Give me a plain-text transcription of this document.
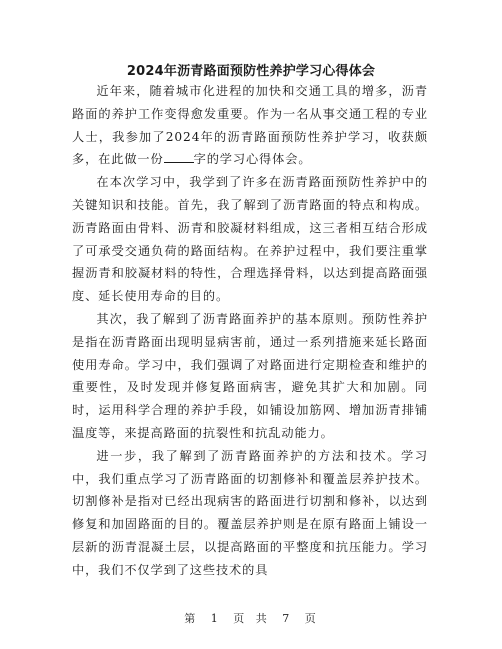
2024年沥青路面预防性养护学习心得体会

近年来，随着城市化进程的加快和交通工具的增多，沥青路面的养护工作变得愈发重要。作为一名从事交通工程的专业人士，我参加了2024年的沥青路面预防性养护学习，收获颇多，在此做一份 字的学习心得体会。

在本次学习中，我学到了许多在沥青路面预防性养护中的关键知识和技能。首先，我了解到了沥青路面的特点和构成。沥青路面由骨料、沥青和胶凝材料组成，这三者相互结合形成了可承受交通负荷的路面结构。在养护过程中，我们要注重掌握沥青和胶凝材料的特性，合理选择骨料，以达到提高路面强度、延长使用寿命的目的。

其次，我了解到了沥青路面养护的基本原则。预防性养护是指在沥青路面出现明显病害前，通过一系列措施来延长路面使用寿命。学习中，我们强调了对路面进行定期检查和维护的重要性，及时发现并修复路面病害，避免其扩大和加剧。同时，运用科学合理的养护手段，如铺设加筋网、增加沥青排铺温度等，来提高路面的抗裂性和抗乱动能力。

进一步，我了解到了沥青路面养护的方法和技术。学习中，我们重点学习了沥青路面的切割修补和覆盖层养护技术。切割修补是指对已经出现病害的路面进行切割和修补，以达到修复和加固路面的目的。覆盖层养护则是在原有路面上铺设一层新的沥青混凝土层，以提高路面的平整度和抗压能力。学习中，我们不仅学到了这些技术的具

第 1 页 共 7 页
